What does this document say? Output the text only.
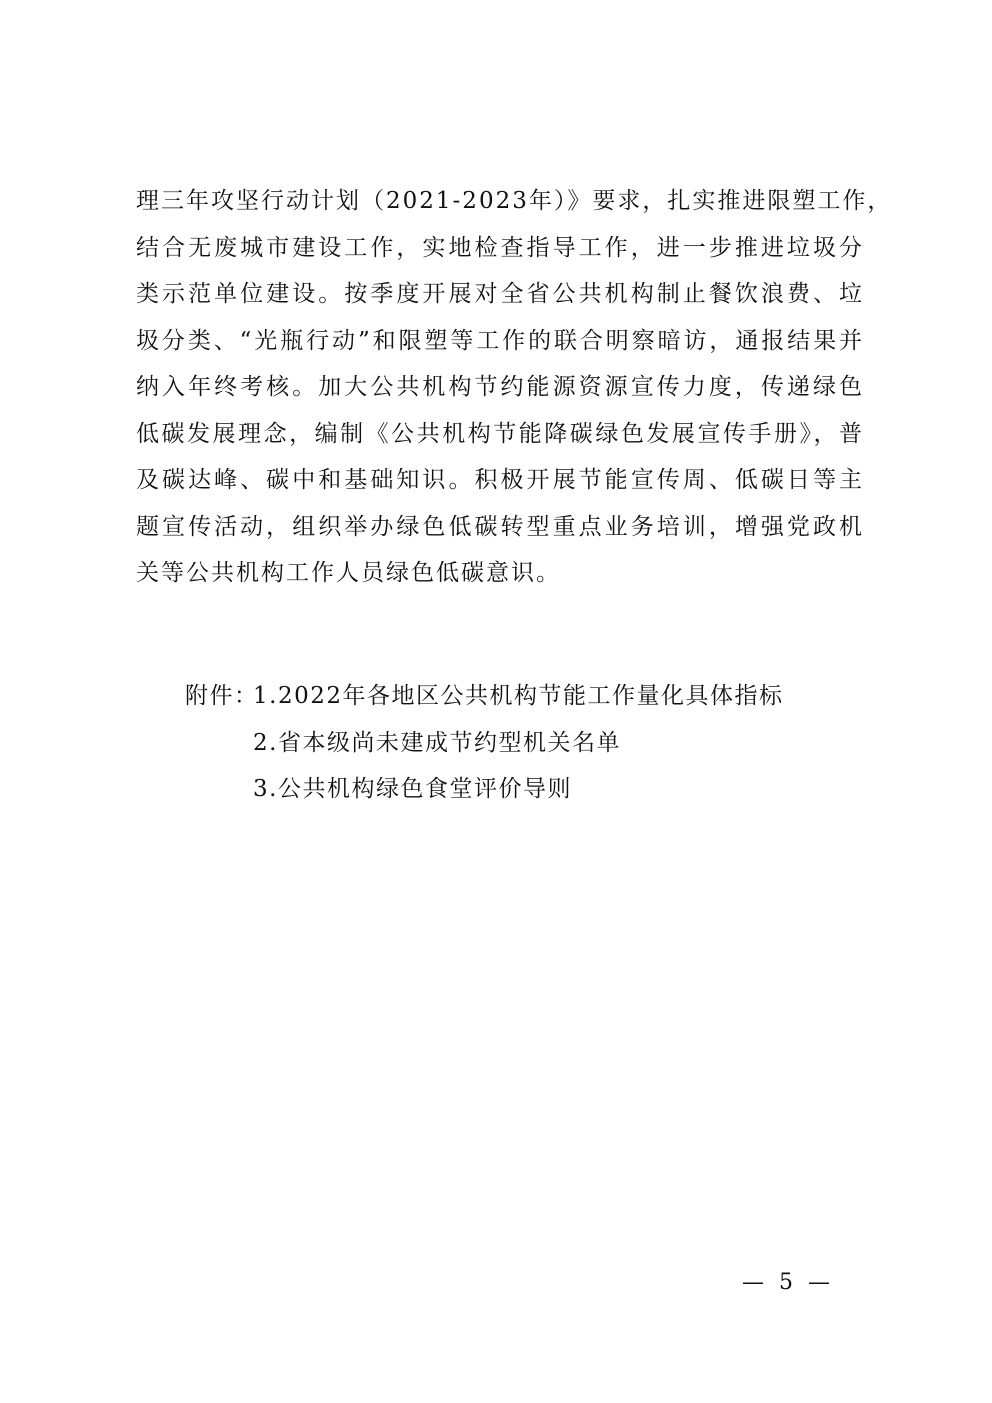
理三年攻坚行动计划（2021-2023年）》要求，扎实推进限塑工作，
结合无废城市建设工作，实地检查指导工作，进一步推进垃圾分
类示范单位建设。按季度开展对全省公共机构制止餐饮浪费、垃
圾分类、“光瓶行动”和限塑等工作的联合明察暗访，通报结果并
纳入年终考核。加大公共机构节约能源资源宣传力度，传递绿色
低碳发展理念，编制《公共机构节能降碳绿色发展宣传手册》，普
及碳达峰、碳中和基础知识。积极开展节能宣传周、低碳日等主
题宣传活动，组织举办绿色低碳转型重点业务培训，增强党政机
关等公共机构工作人员绿色低碳意识。
附件：1.2022年各地区公共机构节能工作量化具体指标
2.省本级尚未建成节约型机关名单
3.公共机构绿色食堂评价导则
— 5 —
